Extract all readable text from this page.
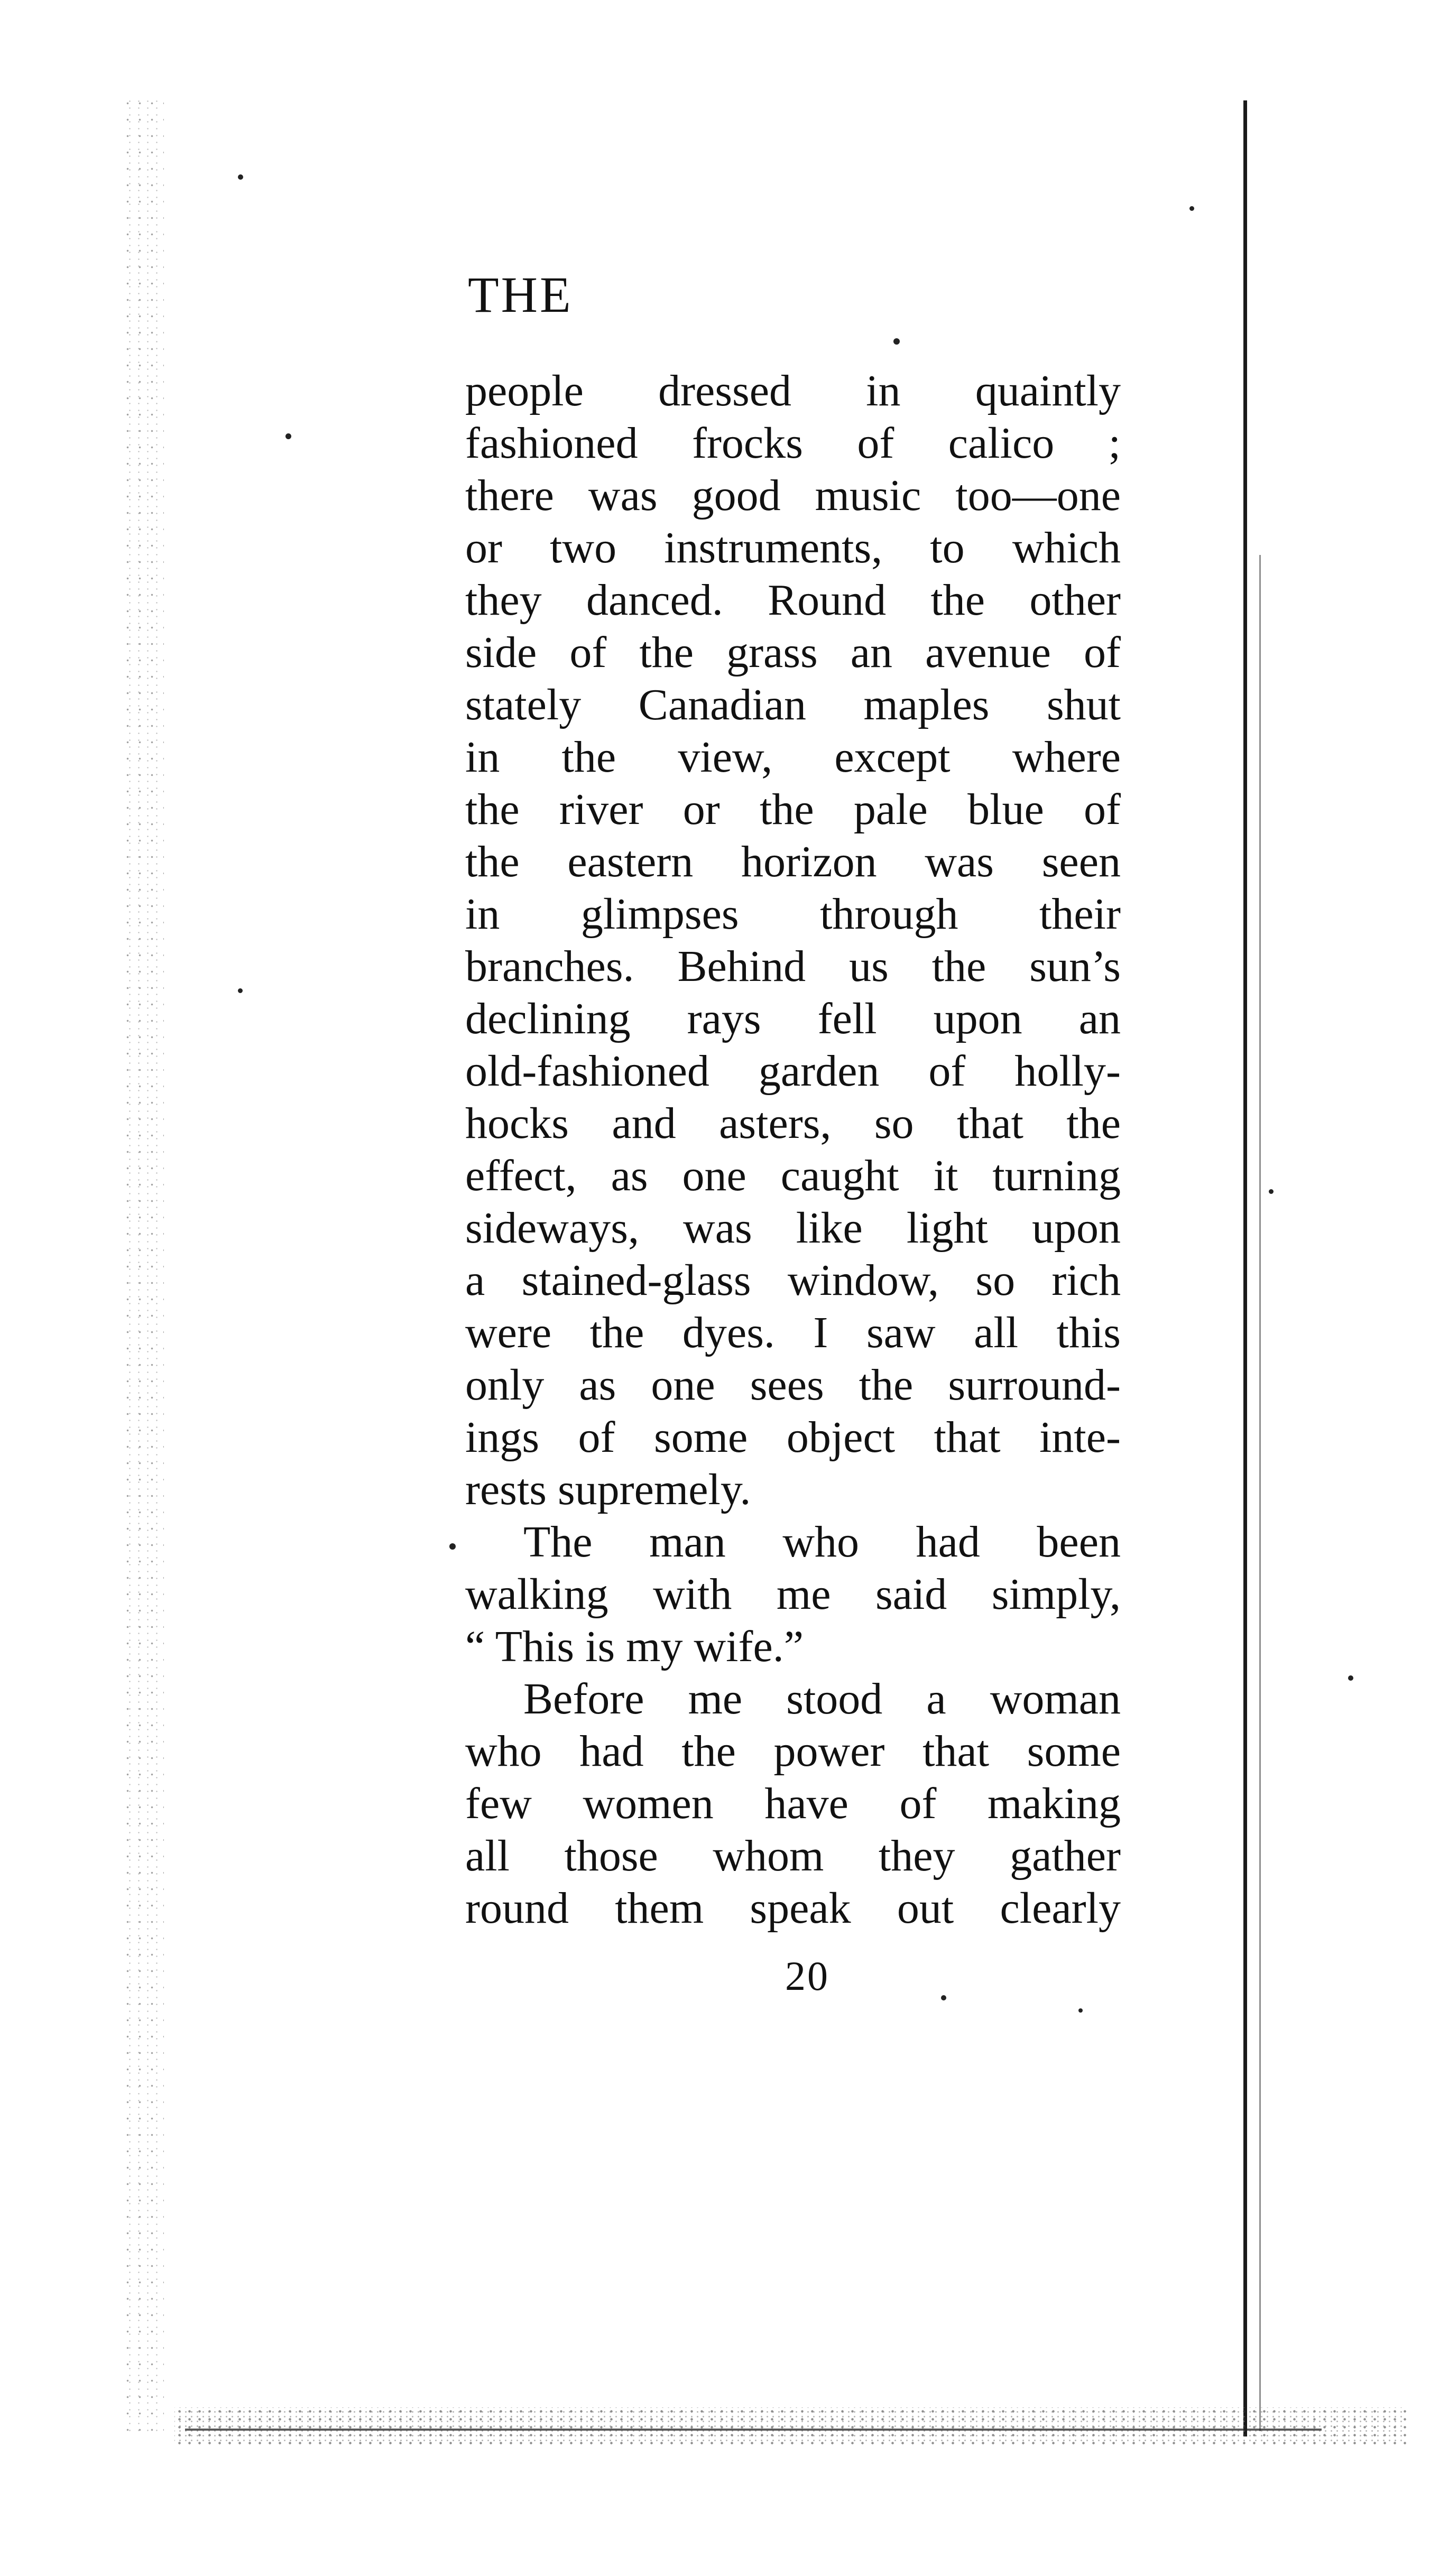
THE
people dressed in quaintly
fashioned frocks of calico ;
there was good music too—one
or two instruments, to which
they danced. Round the other
side of the grass an avenue of
stately Canadian maples shut
in the view, except where
the river or the pale blue of
the eastern horizon was seen
in glimpses through their
branches. Behind us the sun’s
declining rays fell upon an
old-fashioned garden of holly-
hocks and asters, so that the
effect, as one caught it turning
sideways, was like light upon
a stained-glass window, so rich
were the dyes. I saw all this
only as one sees the surround-
ings of some object that inte-
rests supremely.
The man who had been
walking with me said simply,
“ This is my wife.”
Before me stood a woman
who had the power that some
few women have of making
all those whom they gather
round them speak out clearly
20
